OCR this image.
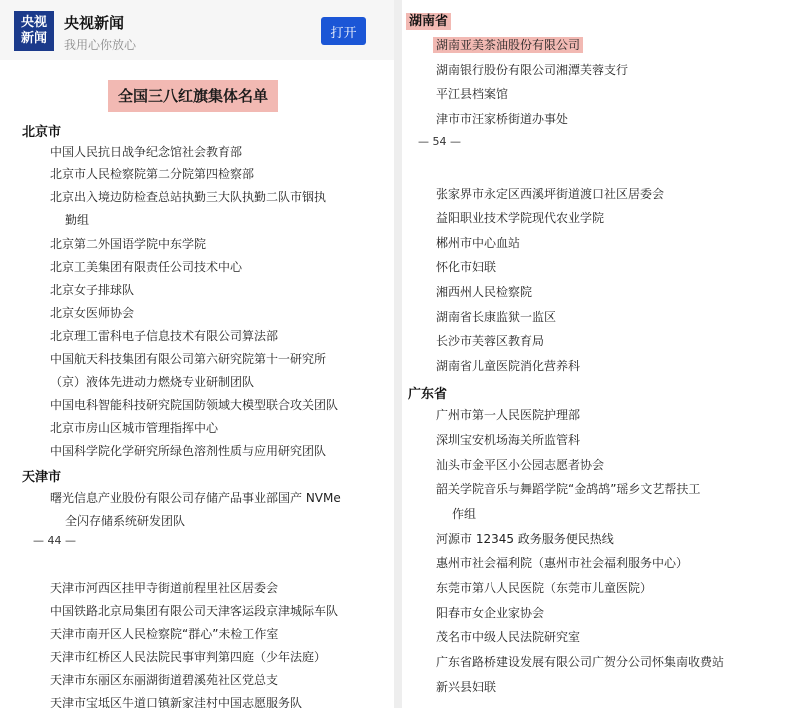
央视
新闻
央视新闻
我用心你放心
打开
全国三八红旗集体名单
北京市
中国人民抗日战争纪念馆社会教育部
北京市人民检察院第二分院第四检察部
北京出入境边防检查总站执勤三大队执勤二队市铟执
勤组
北京第二外国语学院中东学院
北京工美集团有限责任公司技术中心
北京女子排球队
北京女医师协会
北京理工雷科电子信息技术有限公司算法部
中国航天科技集团有限公司第六研究院第十一研究所
（京）液体先进动力燃烧专业研制团队
中国电科智能科技研究院国防领域大模型联合攻关团队
北京市房山区城市管理指挥中心
中国科学院化学研究所绿色溶剂性质与应用研究团队
天津市
曙光信息产业股份有限公司存储产品事业部国产 NVMe
全闪存储系统研发团队
— 44 —
天津市河西区挂甲寺街道前程里社区居委会
中国铁路北京局集团有限公司天津客运段京津城际车队
天津市南开区人民检察院“群心”未检工作室
天津市红桥区人民法院民事审判第四庭（少年法庭）
天津市东丽区东丽湖街道碧溪苑社区党总支
天津市宝坻区牛道口镇新家洼村中国志愿服务队
湖南省
湖南亚美茶油股份有限公司
湖南银行股份有限公司湘潭芙蓉支行
平江县档案馆
津市市汪家桥街道办事处
— 54 —
张家界市永定区西溪坪街道渡口社区居委会
益阳职业技术学院现代农业学院
郴州市中心血站
怀化市妇联
湘西州人民检察院
湖南省长康监狱一监区
长沙市芙蓉区教育局
湖南省儿童医院消化营养科
广东省
广州市第一人民医院护理部
深圳宝安机场海关所监管科
汕头市金平区小公园志愿者协会
韶关学院音乐与舞蹈学院“金鸪鸪”瑶乡文艺帮扶工
作组
河源市 12345 政务服务便民热线
惠州市社会福利院（惠州市社会福利服务中心）
东莞市第八人民医院（东莞市儿童医院）
阳春市女企业家协会
茂名市中级人民法院研究室
广东省路桥建设发展有限公司广贺分公司怀集南收费站
新兴县妇联
